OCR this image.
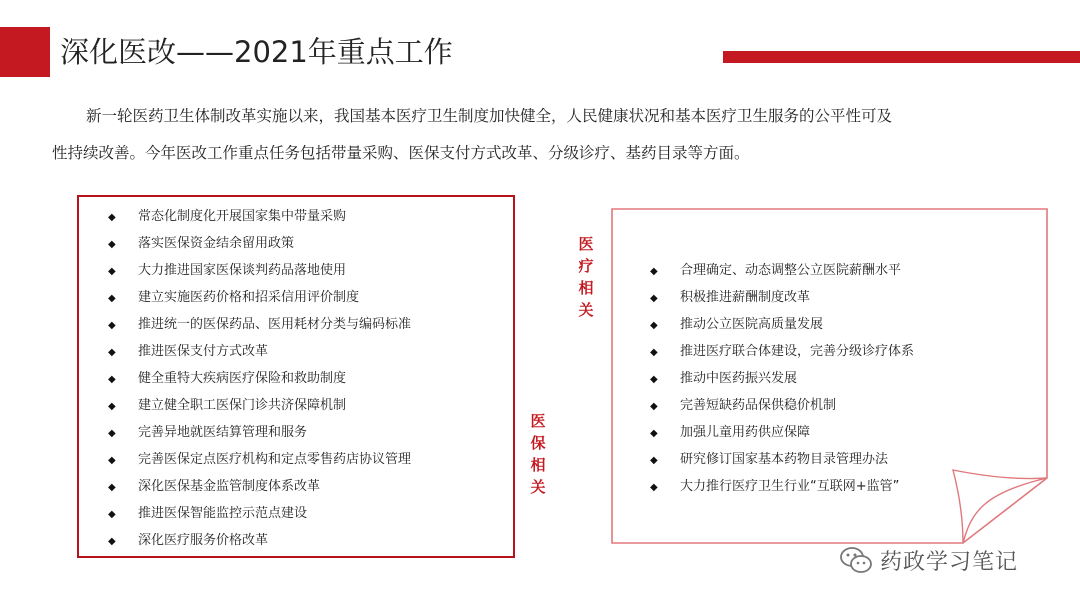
深化医改——2021年重点工作

新一轮医药卫生体制改革实施以来，我国基本医疗卫生制度加快健全，人民健康状况和基本医疗卫生服务的公平性可及
性持续改善。今年医改工作重点任务包括带量采购、医保支付方式改革、分级诊疗、基药目录等方面。

◆ 常态化制度化开展国家集中带量采购
◆ 落实医保资金结余留用政策
◆ 大力推进国家医保谈判药品落地使用
◆ 建立实施医药价格和招采信用评价制度
◆ 推进统一的医保药品、医用耗材分类与编码标准
◆ 推进医保支付方式改革
◆ 健全重特大疾病医疗保险和救助制度
◆ 建立健全职工医保门诊共济保障机制
◆ 完善异地就医结算管理和服务
◆ 完善医保定点医疗机构和定点零售药店协议管理
◆ 深化医保基金监管制度体系改革
◆ 推进医保智能监控示范点建设
◆ 深化医疗服务价格改革
医
保
相
关
医
疗
相
关
◆ 合理确定、动态调整公立医院薪酬水平
◆ 积极推进薪酬制度改革
◆ 推动公立医院高质量发展
◆ 推进医疗联合体建设，完善分级诊疗体系
◆ 推动中医药振兴发展
◆ 完善短缺药品保供稳价机制
◆ 加强儿童用药供应保障
◆ 研究修订国家基本药物目录管理办法
◆ 大力推行医疗卫生行业“互联网+监管”
药政学习笔记
